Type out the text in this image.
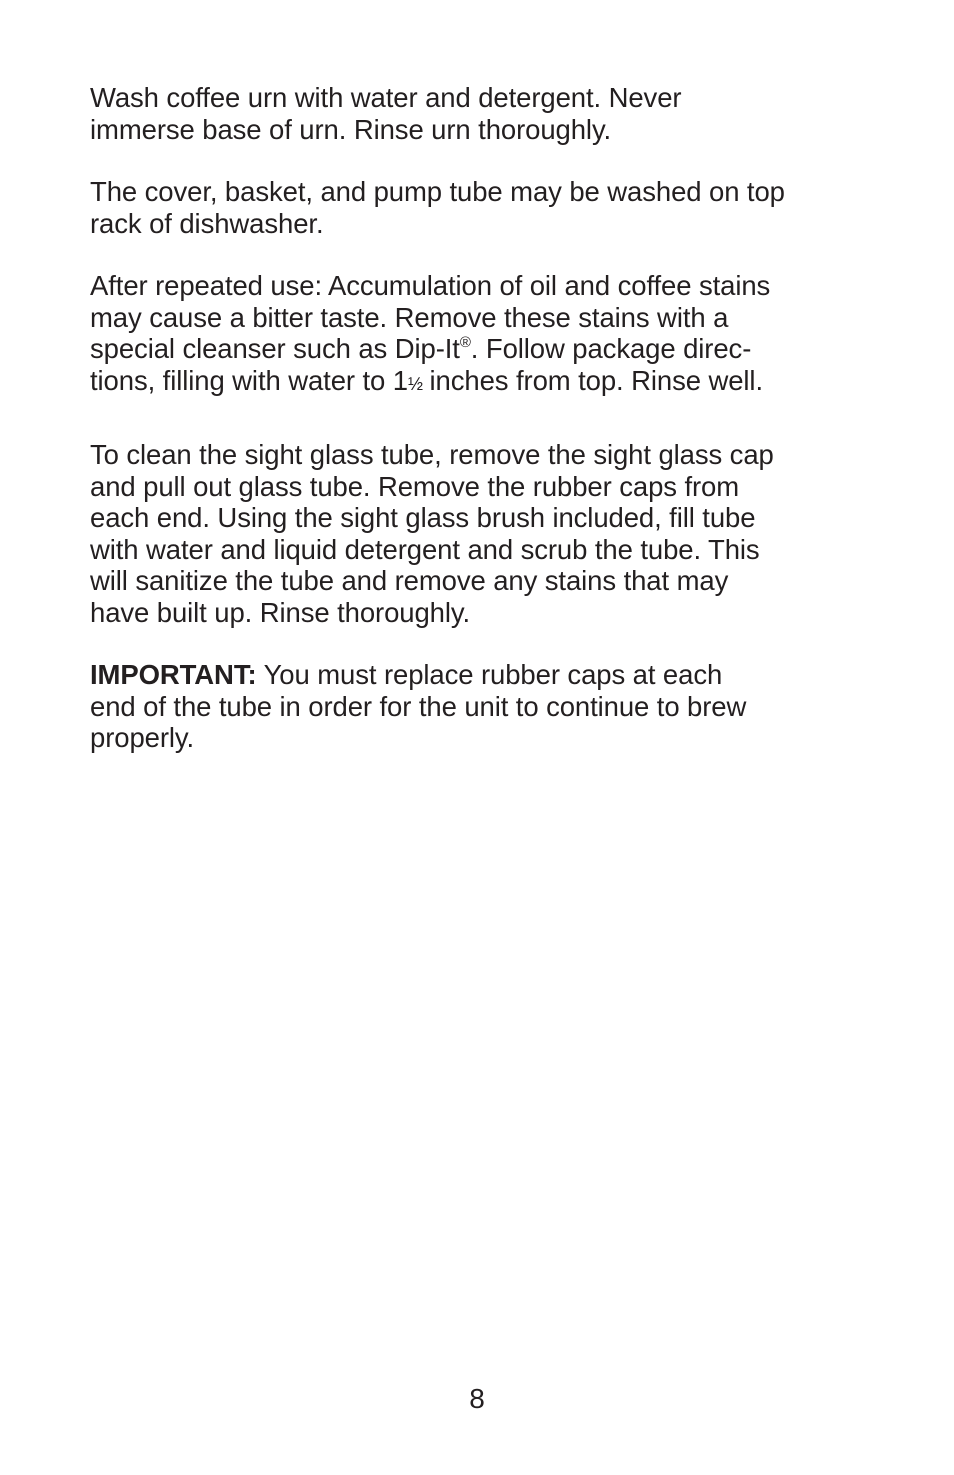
Wash coffee urn with water and detergent. Never
immerse base of urn. Rinse urn thoroughly.

The cover, basket, and pump tube may be washed on top
rack of dishwasher.

After repeated use: Accumulation of oil and coffee stains
may cause a bitter taste. Remove these stains with a
special cleanser such as Dip-It®. Follow package direc-
tions, filling with water to 1½ inches from top. Rinse well.

To clean the sight glass tube, remove the sight glass cap
and pull out glass tube. Remove the rubber caps from
each end. Using the sight glass brush included, fill tube
with water and liquid detergent and scrub the tube. This
will sanitize the tube and remove any stains that may
have built up. Rinse thoroughly.

IMPORTANT: You must replace rubber caps at each
end of the tube in order for the unit to continue to brew
properly.

8
